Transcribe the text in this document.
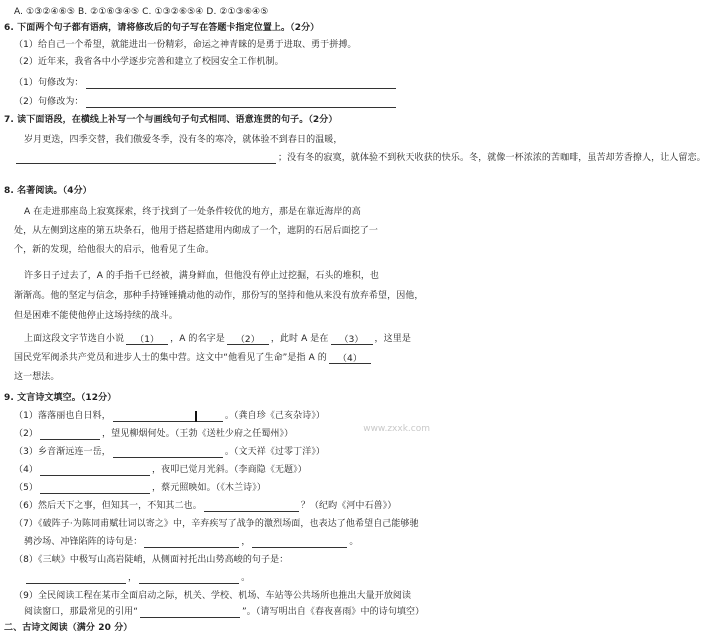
A. ①③②④⑥⑤ B. ②①⑥③④⑤ C. ①③②⑥⑤④ D. ②①③⑥④⑤
6. 下面两个句子都有语病，请将修改后的句子写在答题卡指定位置上。（2分）
（1）给自己一个希望，就能进出一份精彩，命运之神青睐的是勇于进取、勇于拼搏。
（2）近年来，我省各中小学逐步完善和建立了校园安全工作机制。
（1）句修改为：
（2）句修改为：
7. 读下面语段，在横线上补写一个与画线句子句式相同、语意连贯的句子。（2分）
岁月更迭，四季交替，我们傲爱冬季，没有冬的寒冷，就体验不到春日的温暖，
；没有冬的寂寞，就体验不到秋天收获的快乐。冬，就像一杯浓浓的苦咖啡，虽苦却芳香撩人，让人留恋。
8. 名著阅读。（4分）
A 在走进那座岛上寂寞探索，终于找到了一处条件较优的地方，那是在靠近海岸的高
处，从左侧到这座的第五块条石，他用于搭起搭建用内砌成了一个，遮阴的石居后面挖了一
个，新的发现，给他很大的启示，他看见了生命。
许多日子过去了，A 的手指千已经被，满身鲜血，但他没有停止过挖掘，石头的堆积，也
渐渐高。他的坚定与信念，那种手持锤锤撬动他的动作，那份写的坚持和他从来没有放弃希望，因他，
但是困难不能使他停止这场持续的战斗。
上面这段文字节选自小说 （1） ，A 的名字是 （2） ，此时 A 是在 （3） ，这里是
国民党军阀杀共产党员和进步人士的集中营。这文中“他看见了生命”是指 A 的 （4）
这一想法。
9. 文言诗文填空。（12分）
（1）落落丽也自日料，	。（龚自珍《己亥杂诗》）
（2）	，望见柳烟何处。（王勃《送杜少府之任蜀州》）	www.zxxk.com
（3）乡音渐远连一岳，	。（文天祥《过零丁洋》）
（4）	，夜叩已觉月光斜。（李商隐《无题》）
（5）	，蔡元照映如。（《木兰诗》）
（6）然后天下之事，但知其一，不知其二也。	？（纪昀《河中石兽》）
（7）《破阵子·为陈同甫赋壮词以寄之》中，辛弃疾写了战争的激烈场面，也表达了他希望自己能够驰
骋沙场、冲锋陷阵的诗句是：	，	。
（8）《三峡》中极写山高岩陡峭，从侧面衬托出山势高峻的句子是：
，	。
（9）全民阅读工程在某市全面启动之际，机关、学校、机场、车站等公共场所也推出大量开放阅读
阅读窗口，那最常见的引用“	”。（请写明出自《春夜喜雨》中的诗句填空）
二、古诗文阅读（满分 20 分）
